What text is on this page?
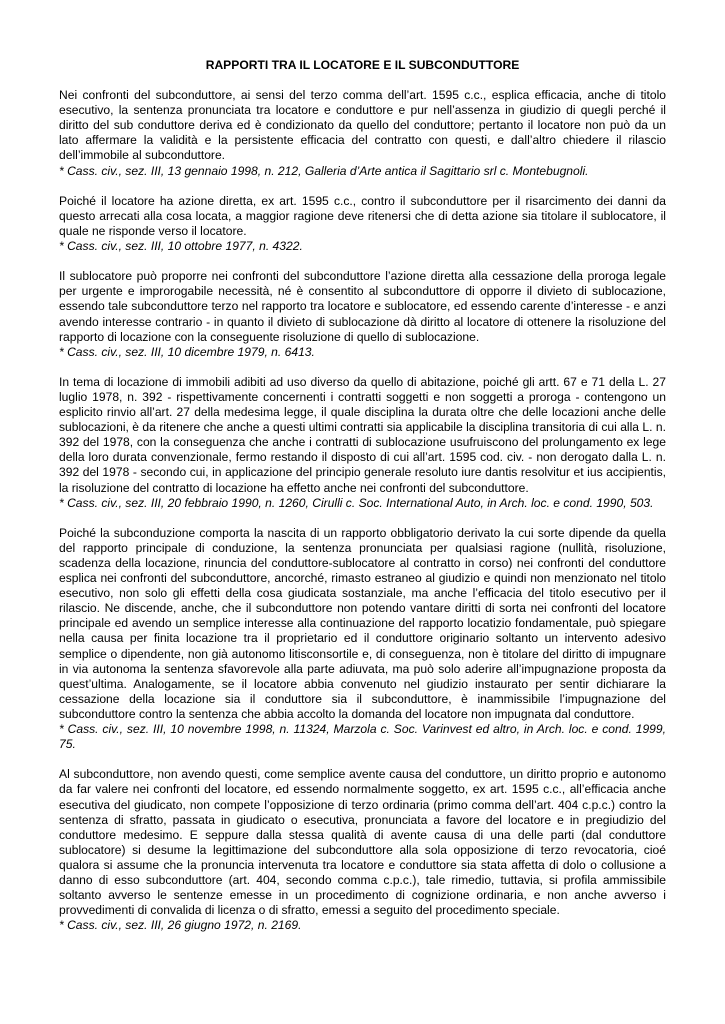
RAPPORTI TRA IL LOCATORE E IL SUBCONDUTTORE

Nei confronti del subconduttore, ai sensi del terzo comma dell’art. 1595 c.c., esplica efficacia, anche di titolo esecutivo, la sentenza pronunciata tra locatore e conduttore e pur nell’assenza in giudizio di quegli perché il diritto del sub conduttore deriva ed è condizionato da quello del conduttore; pertanto il locatore non può da un lato affermare la validità e la persistente efficacia del contratto con questi, e dall’altro chiedere il rilascio dell’immobile al subconduttore.

* Cass. civ., sez. III, 13 gennaio 1998, n. 212, Galleria d’Arte antica il Sagittario srl c. Montebugnoli.

Poiché il locatore ha azione diretta, ex art. 1595 c.c., contro il subconduttore per il risarcimento dei danni da questo arrecati alla cosa locata, a maggior ragione deve ritenersi che di detta azione sia titolare il sublocatore, il quale ne risponde verso il locatore.

* Cass. civ., sez. III, 10 ottobre 1977, n. 4322.

Il sublocatore può proporre nei confronti del subconduttore l’azione diretta alla cessazione della proroga legale per urgente e improrogabile necessità, né è consentito al subconduttore di opporre il divieto di sublocazione, essendo tale subconduttore terzo nel rapporto tra locatore e sublocatore, ed essendo carente d’interesse - e anzi avendo interesse contrario - in quanto il divieto di sublocazione dà diritto al locatore di ottenere la risoluzione del rapporto di locazione con la conseguente risoluzione di quello di sublocazione.

* Cass. civ., sez. III, 10 dicembre 1979, n. 6413.

In tema di locazione di immobili adibiti ad uso diverso da quello di abitazione, poiché gli artt. 67 e 71 della L. 27 luglio 1978, n. 392 - rispettivamente concernenti i contratti soggetti e non soggetti a proroga - contengono un esplicito rinvio all’art. 27 della medesima legge, il quale disciplina la durata oltre che delle locazioni anche delle sublocazioni, è da ritenere che anche a questi ultimi contratti sia applicabile la disciplina transitoria di cui alla L. n. 392 del 1978, con la conseguenza che anche i contratti di sublocazione usufruiscono del prolungamento ex lege della loro durata convenzionale, fermo restando il disposto di cui all’art. 1595 cod. civ. - non derogato dalla L. n. 392 del 1978 - secondo cui, in applicazione del principio generale resoluto iure dantis resolvitur et ius accipientis, la risoluzione del contratto di locazione ha effetto anche nei confronti del subconduttore.

* Cass. civ., sez. III, 20 febbraio 1990, n. 1260, Cirulli c. Soc. International Auto, in Arch. loc. e cond. 1990, 503.

Poiché la subconduzione comporta la nascita di un rapporto obbligatorio derivato la cui sorte dipende da quella del rapporto principale di conduzione, la sentenza pronunciata per qualsiasi ragione (nullità, risoluzione, scadenza della locazione, rinuncia del conduttore-sublocatore al contratto in corso) nei confronti del conduttore esplica nei confronti del subconduttore, ancorché, rimasto estraneo al giudizio e quindi non menzionato nel titolo esecutivo, non solo gli effetti della cosa giudicata sostanziale, ma anche l’efficacia del titolo esecutivo per il rilascio. Ne discende, anche, che il subconduttore non potendo vantare diritti di sorta nei confronti del locatore principale ed avendo un semplice interesse alla continuazione del rapporto locatizio fondamentale, può spiegare nella causa per finita locazione tra il proprietario ed il conduttore originario soltanto un intervento adesivo semplice o dipendente, non già autonomo litisconsortile e, di conseguenza, non è titolare del diritto di impugnare in via autonoma la sentenza sfavorevole alla parte adiuvata, ma può solo aderire all’impugnazione proposta da quest’ultima. Analogamente, se il locatore abbia convenuto nel giudizio instaurato per sentir dichiarare la cessazione della locazione sia il conduttore sia il subconduttore, è inammissibile l’impugnazione del subconduttore contro la sentenza che abbia accolto la domanda del locatore non impugnata dal conduttore.

* Cass. civ., sez. III, 10 novembre 1998, n. 11324, Marzola c. Soc. Varinvest ed altro, in Arch. loc. e cond. 1999, 75.

Al subconduttore, non avendo questi, come semplice avente causa del conduttore, un diritto proprio e autonomo da far valere nei confronti del locatore, ed essendo normalmente soggetto, ex art. 1595 c.c., all’efficacia anche esecutiva del giudicato, non compete l’opposizione di terzo ordinaria (primo comma dell’art. 404 c.p.c.) contro la sentenza di sfratto, passata in giudicato o esecutiva, pronunciata a favore del locatore e in pregiudizio del conduttore medesimo. E seppure dalla stessa qualità di avente causa di una delle parti (dal conduttore sublocatore) si desume la legittimazione del subconduttore alla sola opposizione di terzo revocatoria, cioé qualora si assume che la pronuncia intervenuta tra locatore e conduttore sia stata affetta di dolo o collusione a danno di esso subconduttore (art. 404, secondo comma c.p.c.), tale rimedio, tuttavia, si profila ammissibile soltanto avverso le sentenze emesse in un procedimento di cognizione ordinaria, e non anche avverso i provvedimenti di convalida di licenza o di sfratto, emessi a seguito del procedimento speciale.

* Cass. civ., sez. III, 26 giugno 1972, n. 2169.
